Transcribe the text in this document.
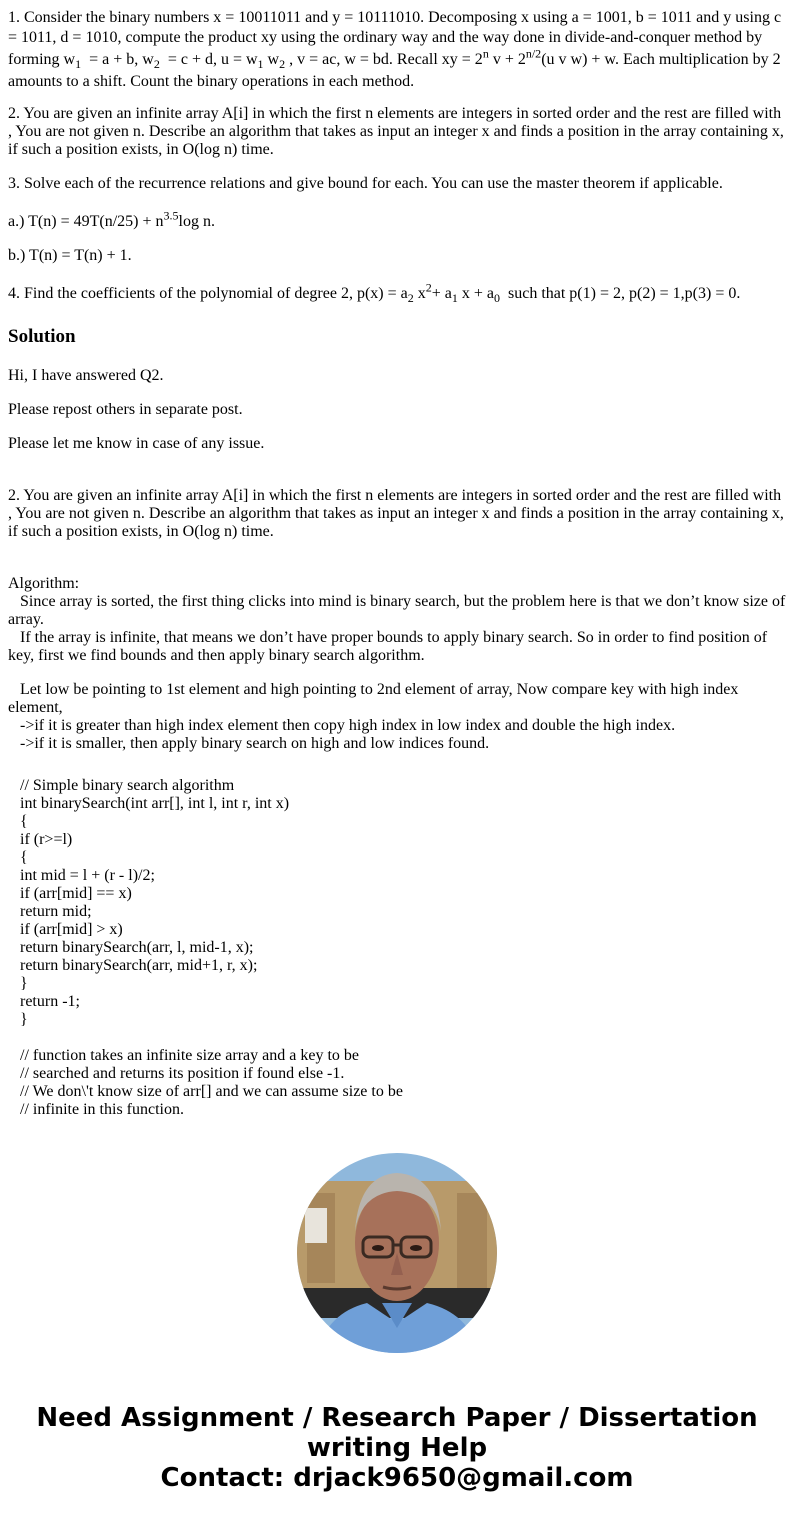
1. Consider the binary numbers x = 10011011 and y = 10111010. Decomposing x using a = 1001, b = 1011 and y using c
= 1011, d = 1010, compute the product xy using the ordinary way and the way done in divide-and-conquer method by
forming $w_1 = a + b$, $w_2 = c + d$, $u = w_1$ $w_2$ , v = ac, w = bd. Recall xy = $2^n$ $v + 2^{n/2}(u$ v w) + w. Each multiplication by 2
amounts to a shift. Count the binary operations in each method.

2. You are given an infinite array A[i] in which the first n elements are integers in sorted order and the rest are filled with , You are not given n. Describe an algorithm that takes as input an integer x and finds a position in the array containing x, if such a position exists, in O(log n) time.

3. Solve each of the recurrence relations and give bound for each. You can use the master theorem if applicable.

a.) $T(n) = 49T(n/25) + n^{3.5}\log$ n.

b.) T(n) = T(n) + 1.

4. Find the coefficients of the polynomial of degree 2, $p(x) = a_2$ $x^2+ a_1$ $x + a_0$  such that p(1) = 2, p(2) = 1,p(3) = 0.

Solution

Hi, I have answered Q2.

Please repost others in separate post.

Please let me know in case of any issue.

2. You are given an infinite array A[i] in which the first n elements are integers in sorted order and the rest are filled with , You are not given n. Describe an algorithm that takes as input an integer x and finds a position in the array containing x, if such a position exists, in O(log n) time.

Algorithm:

Since array is sorted, the first thing clicks into mind is binary search, but the problem here is that we don’t know size of array.

If the array is infinite, that means we don’t have proper bounds to apply binary search. So in order to find position of key, first we find bounds and then apply binary search algorithm.

Let low be pointing to 1st element and high pointing to 2nd element of array, Now compare key with high index element,

->if it is greater than high index element then copy high index in low index and double the high index.

->if it is smaller, then apply binary search on high and low indices found.

// Simple binary search algorithm
int binarySearch(int arr[], int l, int r, int x)
{
if (r>=l)
{
int mid = l + (r - l)/2;
if (arr[mid] == x)
return mid;
if (arr[mid] > x)
return binarySearch(arr, l, mid-1, x);
return binarySearch(arr, mid+1, r, x);
}
return -1;
}
// function takes an infinite size array and a key to be
// searched and returns its position if found else -1.
// We don\'t know size of arr[] and we can assume size to be
// infinite in this function.
Need Assignment / Research Paper / Dissertation
writing Help
Contact: drjack9650@gmail.com
